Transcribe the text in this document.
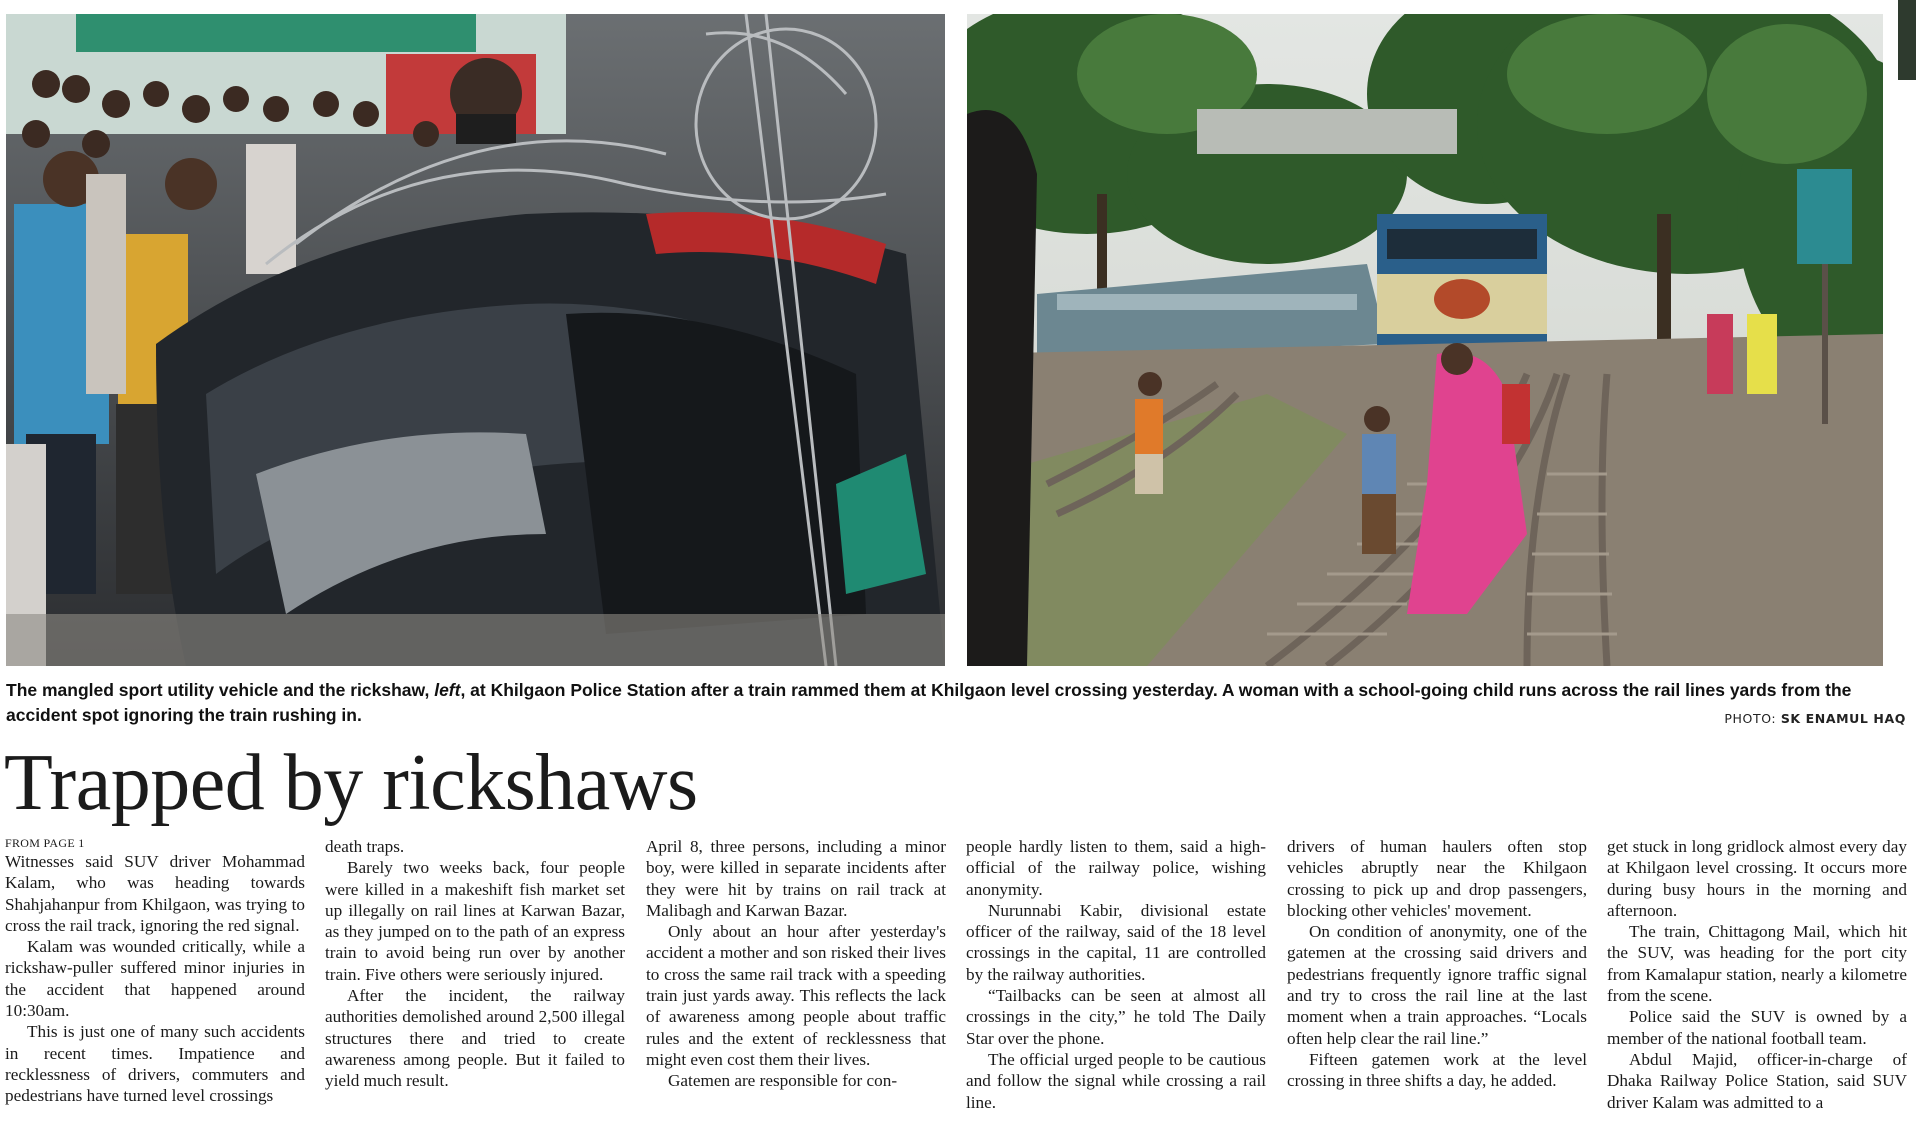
The mangled sport utility vehicle and the rickshaw, left, at Khilgaon Police Station after a train rammed them at Khilgaon level crossing yesterday. A woman with a school-going child runs across the rail lines yards from the accident spot ignoring the train rushing in.	PHOTO: SK ENAMUL HAQ
Trapped by rickshaws
FROM PAGE 1

Witnesses said SUV driver Mohammad Kalam, who was heading towards Shahjahanpur from Khilgaon, was trying to cross the rail track, ignoring the red signal.

Kalam was wounded critically, while a rickshaw-puller suffered minor injuries in the accident that happened around 10:30am.

This is just one of many such accidents in recent times. Impatience and recklessness of drivers, commuters and pedestrians have turned level crossings

death traps.

Barely two weeks back, four people were killed in a makeshift fish market set up illegally on rail lines at Karwan Bazar, as they jumped on to the path of an express train to avoid being run over by another train. Five others were seriously injured.

After the incident, the railway authorities demolished around 2,500 illegal structures there and tried to create awareness among people. But it failed to yield much result.

April 8, three persons, including a minor boy, were killed in separate incidents after they were hit by trains on rail track at Malibagh and Karwan Bazar.

Only about an hour after yesterday's accident a mother and son risked their lives to cross the same rail track with a speeding train just yards away. This reflects the lack of awareness among people about traffic rules and the extent of recklessness that might even cost them their lives.

Gatemen are responsible for con-

people hardly listen to them, said a high-official of the railway police, wishing anonymity.

Nurunnabi Kabir, divisional estate officer of the railway, said of the 18 level crossings in the capital, 11 are controlled by the railway authorities.

“Tailbacks can be seen at almost all crossings in the city,” he told The Daily Star over the phone.

The official urged people to be cautious and follow the signal while crossing a rail line.

drivers of human haulers often stop vehicles abruptly near the Khilgaon crossing to pick up and drop passengers, blocking other vehicles' movement.

On condition of anonymity, one of the gatemen at the crossing said drivers and pedestrians frequently ignore traffic signal and try to cross the rail line at the last moment when a train approaches. “Locals often help clear the rail line.”

Fifteen gatemen work at the level crossing in three shifts a day, he added.

get stuck in long gridlock almost every day at Khilgaon level crossing. It occurs more during busy hours in the morning and afternoon.

The train, Chittagong Mail, which hit the SUV, was heading for the port city from Kamalapur station, nearly a kilometre from the scene.

Police said the SUV is owned by a member of the national football team.

Abdul Majid, officer-in-charge of Dhaka Railway Police Station, said SUV driver Kalam was admitted to a
